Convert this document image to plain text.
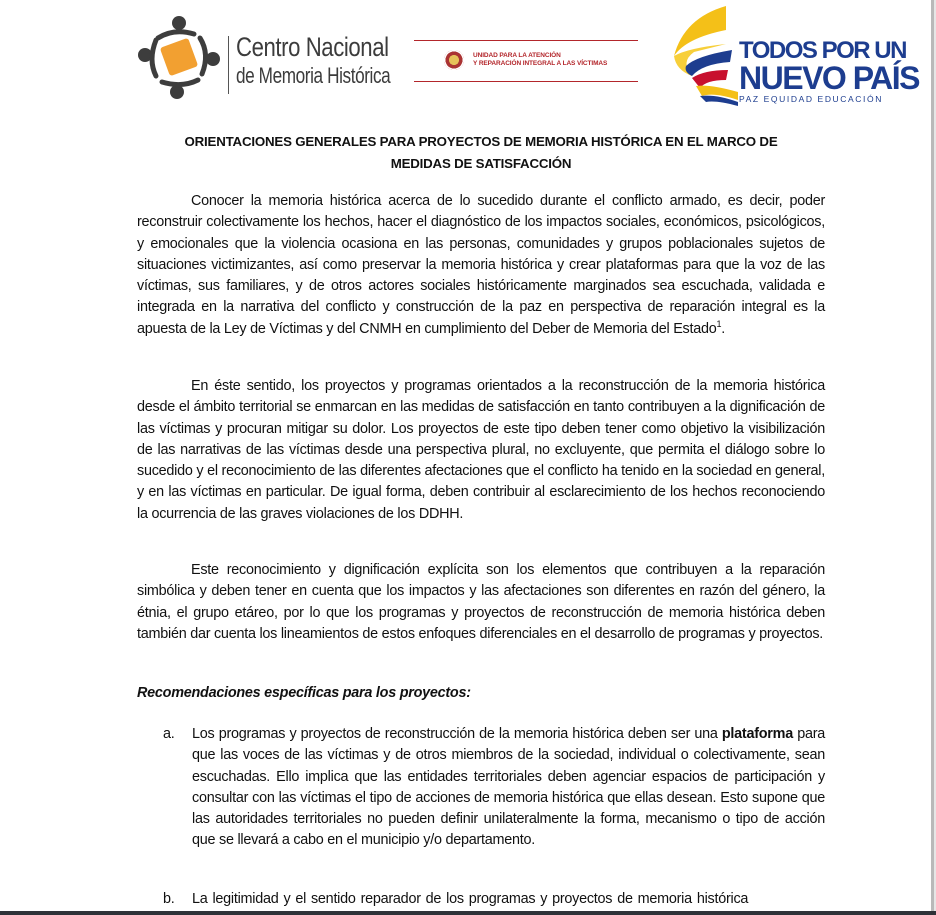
Centro Nacional
de Memoria Histórica
UNIDAD PARA LA ATENCIÓN
Y REPARACIÓN INTEGRAL A LAS VÍCTIMAS	TODOS POR UN
NUEVO PAÍS
PAZ EQUIDAD EDUCACIÓN
ORIENTACIONES GENERALES PARA PROYECTOS DE MEMORIA HISTÓRICA EN EL MARCO DE
MEDIDAS DE SATISFACCIÓN

Conocer la memoria histórica acerca de lo sucedido durante el conflicto armado, es decir, poder reconstruir colectivamente los hechos, hacer el diagnóstico de los impactos sociales, económicos, psicológicos, y emocionales que la violencia ocasiona en las personas, comunidades y grupos poblacionales sujetos de situaciones victimizantes, así como preservar la memoria histórica y crear plataformas para que la voz de las víctimas, sus familiares, y de otros actores sociales históricamente marginados sea escuchada, validada e integrada en la narrativa del conflicto y construcción de la paz en perspectiva de reparación integral es la apuesta de la Ley de Víctimas y del CNMH en cumplimiento del Deber de Memoria del Estado$^1$.

En éste sentido, los proyectos y programas orientados a la reconstrucción de la memoria histórica desde el ámbito territorial se enmarcan en las medidas de satisfacción en tanto contribuyen a la dignificación de las víctimas y procuran mitigar su dolor. Los proyectos de este tipo deben tener como objetivo la visibilización de las narrativas de las víctimas desde una perspectiva plural, no excluyente, que permita el diálogo sobre lo sucedido y el reconocimiento de las diferentes afectaciones que el conflicto ha tenido en la sociedad en general, y en las víctimas en particular. De igual forma, deben contribuir al esclarecimiento de los hechos reconociendo la ocurrencia de las graves violaciones de los DDHH.

Este reconocimiento y dignificación explícita son los elementos que contribuyen a la reparación simbólica y deben tener en cuenta que los impactos y las afectaciones son diferentes en razón del género, la étnia, el grupo etáreo, por lo que los programas y proyectos de reconstrucción de memoria histórica deben también dar cuenta los lineamientos de estos enfoques diferenciales en el desarrollo de programas y proyectos.

Recomendaciones específicas para los proyectos:
a.	Los programas y proyectos de reconstrucción de la memoria histórica deben ser una plataforma para que las voces de las víctimas y de otros miembros de la sociedad, individual o colectivamente, sean escuchadas. Ello implica que las entidades territoriales deben agenciar espacios de participación y consultar con las víctimas el tipo de acciones de memoria histórica que ellas desean. Esto supone que las autoridades territoriales no pueden definir unilateralmente la forma, mecanismo o tipo de acción que se llevará a cabo en el municipio y/o departamento.
b.	La legitimidad y el sentido reparador de los programas y proyectos de memoria histórica
